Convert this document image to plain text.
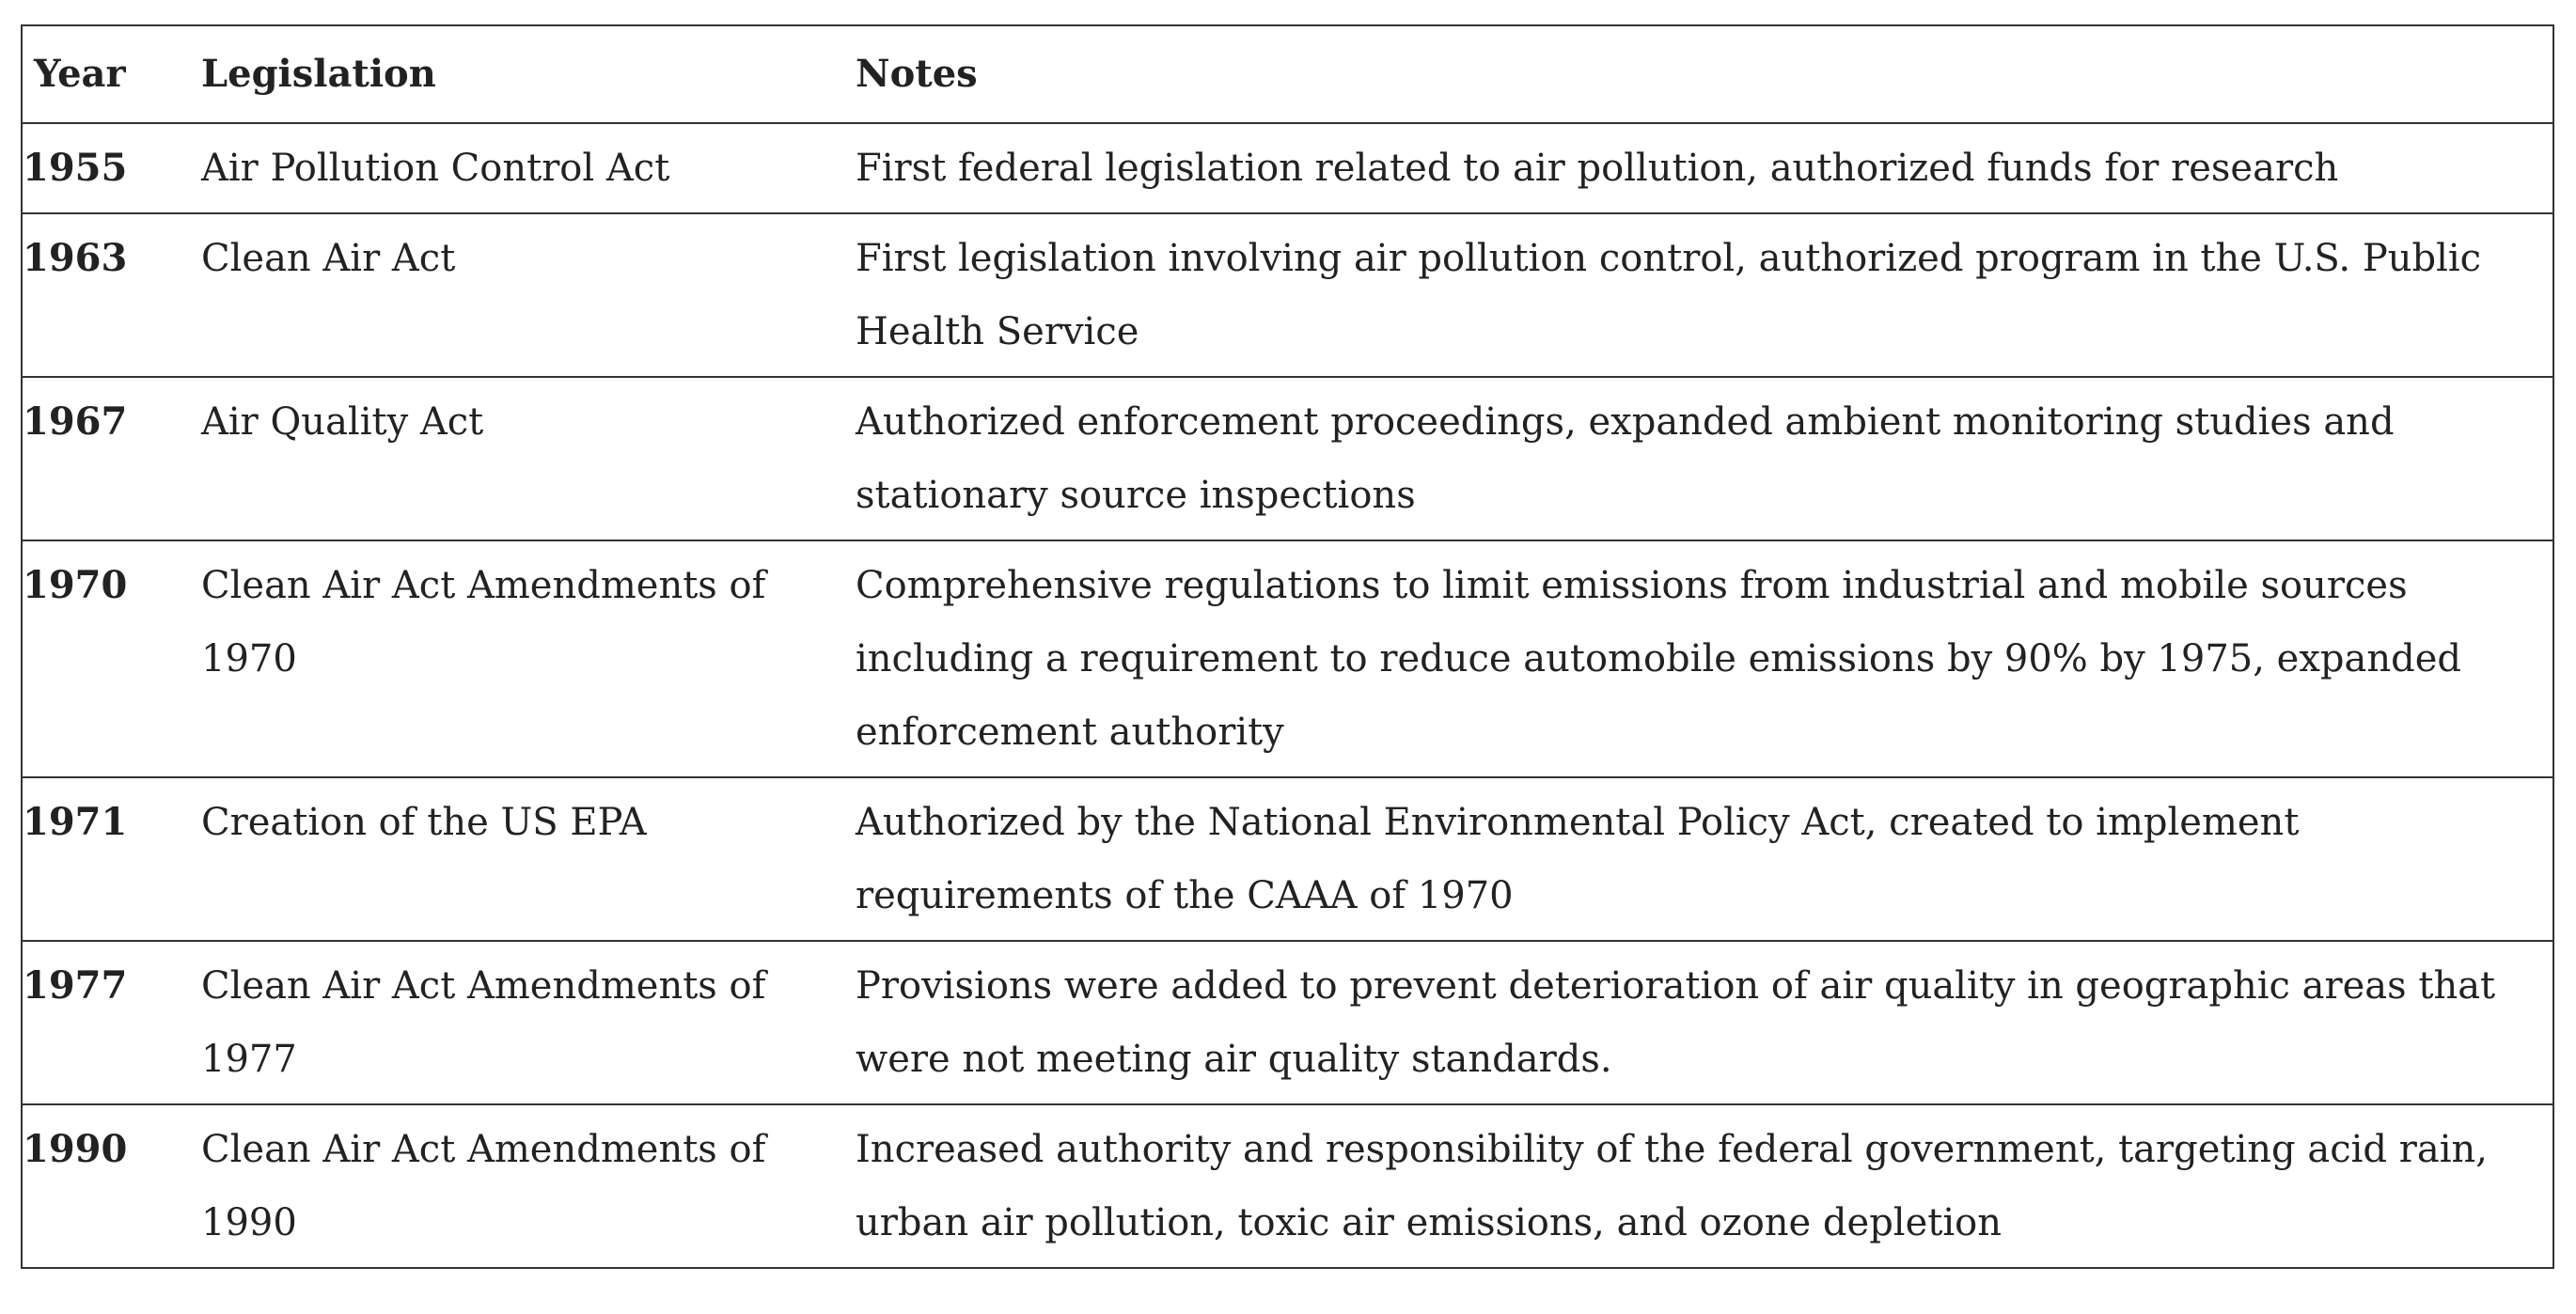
Year	Legislation	Notes
1955	Air Pollution Control Act	First federal legislation related to air pollution, authorized funds for research
1963	Clean Air Act	First legislation involving air pollution control, authorized program in the U.S. Public Health Service
1967	Air Quality Act	Authorized enforcement proceedings, expanded ambient monitoring studies and stationary source inspections
1970	Clean Air Act Amendments of 1970	Comprehensive regulations to limit emissions from industrial and mobile sources including a requirement to reduce automobile emissions by 90% by 1975, expanded enforcement authority
1971	Creation of the US EPA	Authorized by the National Environmental Policy Act, created to implement requirements of the CAAA of 1970
1977	Clean Air Act Amendments of 1977	Provisions were added to prevent deterioration of air quality in geographic areas that were not meeting air quality standards.
1990	Clean Air Act Amendments of 1990	Increased authority and responsibility of the federal government, targeting acid rain, urban air pollution, toxic air emissions, and ozone depletion
